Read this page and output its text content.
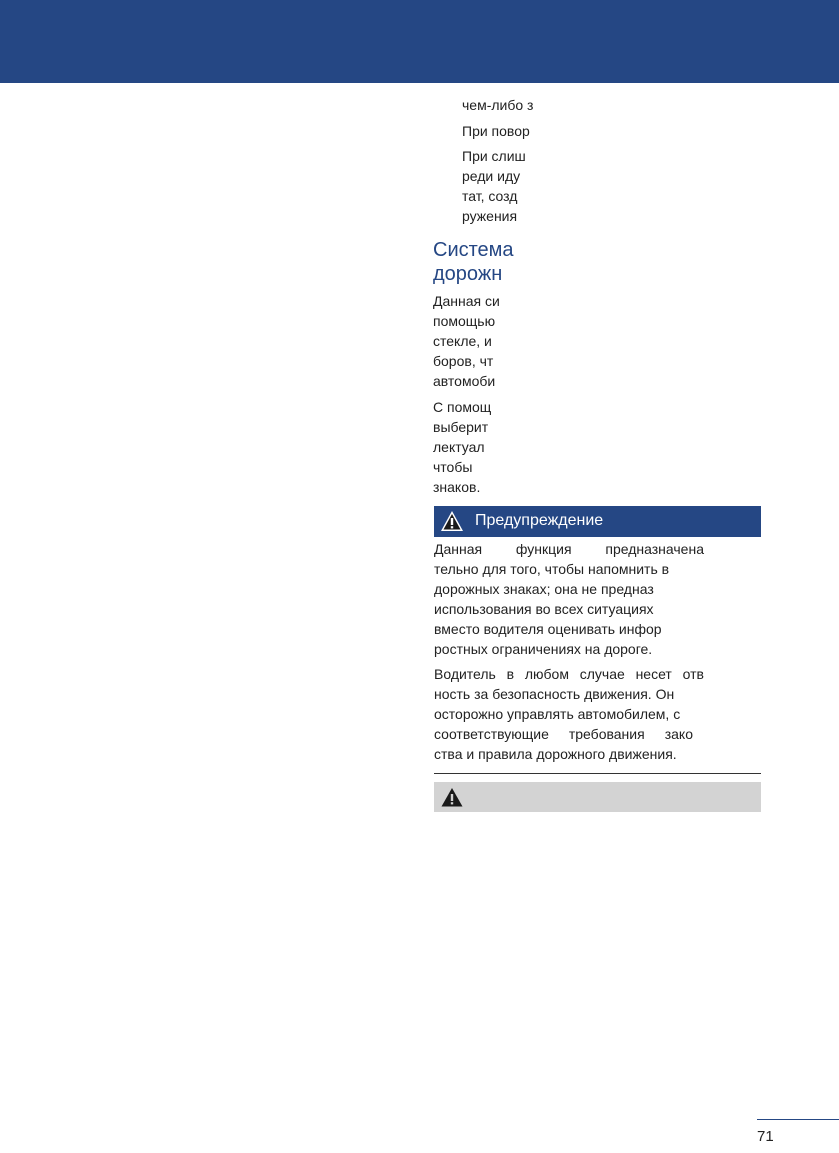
чем-либо з
При повор
При слиш
реди иду
тат, созд
ружения
Система
дорожн
Данная си
помощью
стекле, и
боров, чт
автомоби
С помощ
выберит
лектуал
чтобы
знаков.
Предупреждение
Данная функция предназначена
тельно для того, чтобы напомнить в
дорожных знаках; она не предназ
использования во всех ситуациях
вместо водителя оценивать инфор
ростных ограничениях на дороге.
Водитель в любом случае несет отв
ность за безопасность движения. Он
осторожно управлять автомобилем, с
соответствующие требования зако
ства и правила дорожного движения.
71
